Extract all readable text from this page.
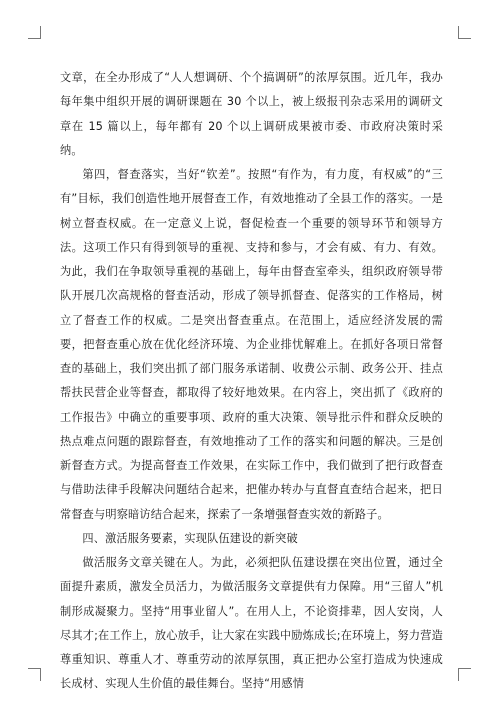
文章，在全办形成了“人人想调研、个个搞调研”的浓厚氛围。近几年，我办每年集中组织开展的调研课题在 30 个以上，被上级报刊杂志采用的调研文章在 15 篇以上，每年都有 20 个以上调研成果被市委、市政府决策时采纳。

第四，督查落实，当好“钦差”。按照“有作为，有力度，有权威”的“三有”目标，我们创造性地开展督查工作，有效地推动了全县工作的落实。一是树立督查权威。在一定意义上说，督促检查一个重要的领导环节和领导方法。这项工作只有得到领导的重视、支持和参与，才会有威、有力、有效。为此，我们在争取领导重视的基础上，每年由督查室牵头，组织政府领导带队开展几次高规格的督查活动，形成了领导抓督查、促落实的工作格局，树立了督查工作的权威。二是突出督查重点。在范围上，适应经济发展的需要，把督查重心放在优化经济环境、为企业排忧解难上。在抓好各项日常督查的基础上，我们突出抓了部门服务承诺制、收费公示制、政务公开、挂点帮扶民营企业等督查，都取得了较好地效果。在内容上，突出抓了《政府的工作报告》中确立的重要事项、政府的重大决策、领导批示件和群众反映的热点难点问题的跟踪督查，有效地推动了工作的落实和问题的解决。三是创新督查方式。为提高督查工作效果，在实际工作中，我们做到了把行政督查与借助法律手段解决问题结合起来，把催办转办与直督直查结合起来，把日常督查与明察暗访结合起来，探索了一条增强督查实效的新路子。

四、激活服务要素，实现队伍建设的新突破

做活服务文章关键在人。为此，必须把队伍建设摆在突出位置，通过全面提升素质，激发全员活力，为做活服务文章提供有力保障。用“三留人”机制形成凝聚力。坚持“用事业留人”。在用人上，不论资排辈，因人安岗，人尽其才;在工作上，放心放手，让大家在实践中励炼成长;在环境上，努力营造尊重知识、尊重人才、尊重劳动的浓厚氛围，真正把办公室打造成为快速成长成材、实现人生价值的最佳舞台。坚持“用感情
